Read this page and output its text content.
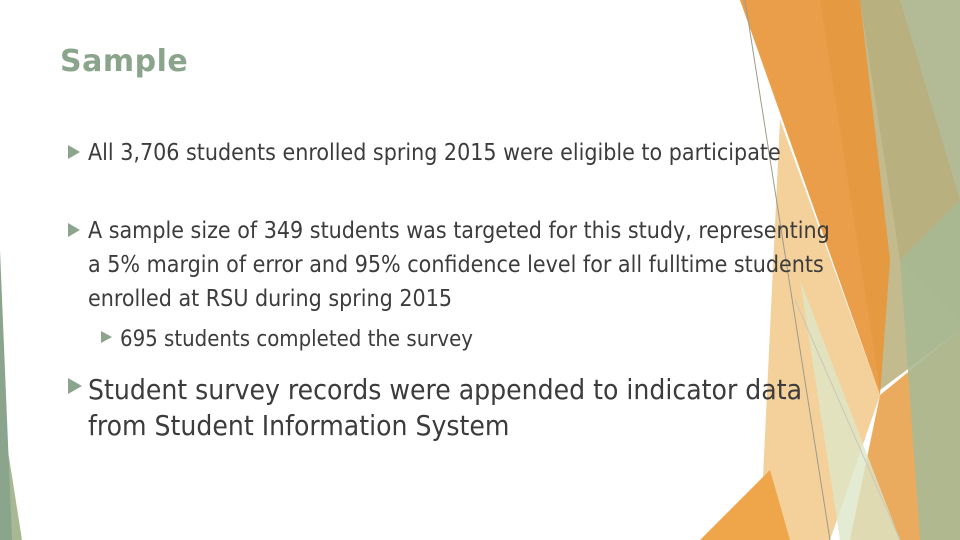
Sample
All 3,706 students enrolled spring 2015 were eligible to participate
A sample size of 349 students was targeted for this study, representing a 5% margin of error and 95% confidence level for all fulltime students enrolled at RSU during spring 2015
695 students completed the survey
Student survey records were appended to indicator data from Student Information System
